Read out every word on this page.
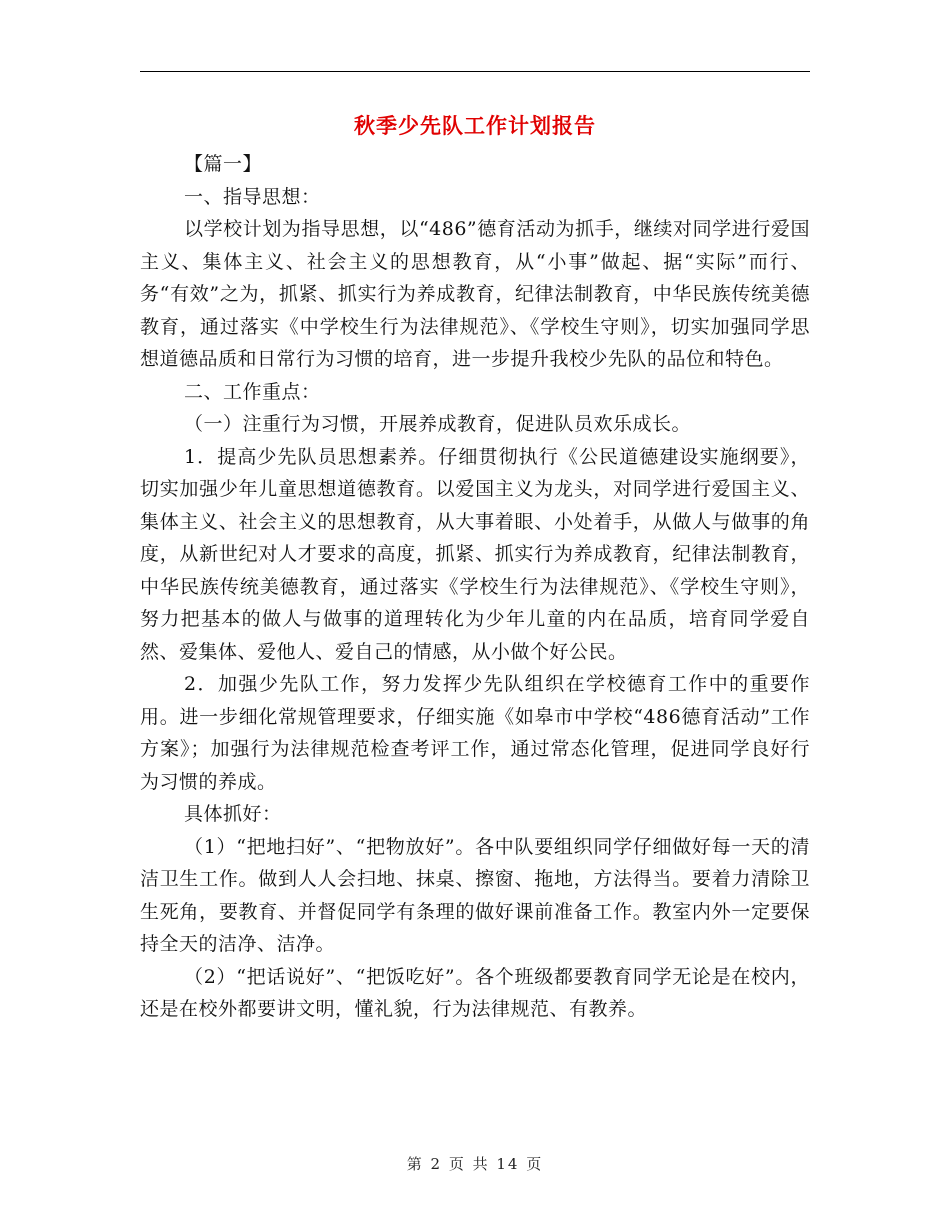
秋季少先队工作计划报告

【篇一】

一、指导思想：

以学校计划为指导思想，以“486”德育活动为抓手，继续对同学进行爱国主义、集体主义、社会主义的思想教育，从“小事”做起、据“实际”而行、务“有效”之为，抓紧、抓实行为养成教育，纪律法制教育，中华民族传统美德教育，通过落实《中学校生行为法律规范》、《学校生守则》，切实加强同学思想道德品质和日常行为习惯的培育，进一步提升我校少先队的品位和特色。

二、工作重点：

（一）注重行为习惯，开展养成教育，促进队员欢乐成长。

1．提高少先队员思想素养。仔细贯彻执行《公民道德建设实施纲要》，切实加强少年儿童思想道德教育。以爱国主义为龙头，对同学进行爱国主义、集体主义、社会主义的思想教育，从大事着眼、小处着手，从做人与做事的角度，从新世纪对人才要求的高度，抓紧、抓实行为养成教育，纪律法制教育，中华民族传统美德教育，通过落实《学校生行为法律规范》、《学校生守则》，努力把基本的做人与做事的道理转化为少年儿童的内在品质，培育同学爱自然、爱集体、爱他人、爱自己的情感，从小做个好公民。

2．加强少先队工作，努力发挥少先队组织在学校德育工作中的重要作用。进一步细化常规管理要求，仔细实施《如皋市中学校“486德育活动”工作方案》；加强行为法律规范检查考评工作，通过常态化管理，促进同学良好行为习惯的养成。

具体抓好：

（1）“把地扫好”、“把物放好”。各中队要组织同学仔细做好每一天的清洁卫生工作。做到人人会扫地、抹桌、擦窗、拖地，方法得当。要着力清除卫生死角，要教育、并督促同学有条理的做好课前准备工作。教室内外一定要保持全天的洁净、洁净。

（2）“把话说好”、“把饭吃好”。各个班级都要教育同学无论是在校内，还是在校外都要讲文明，懂礼貌，行为法律规范、有教养。

第 2 页 共 14 页
